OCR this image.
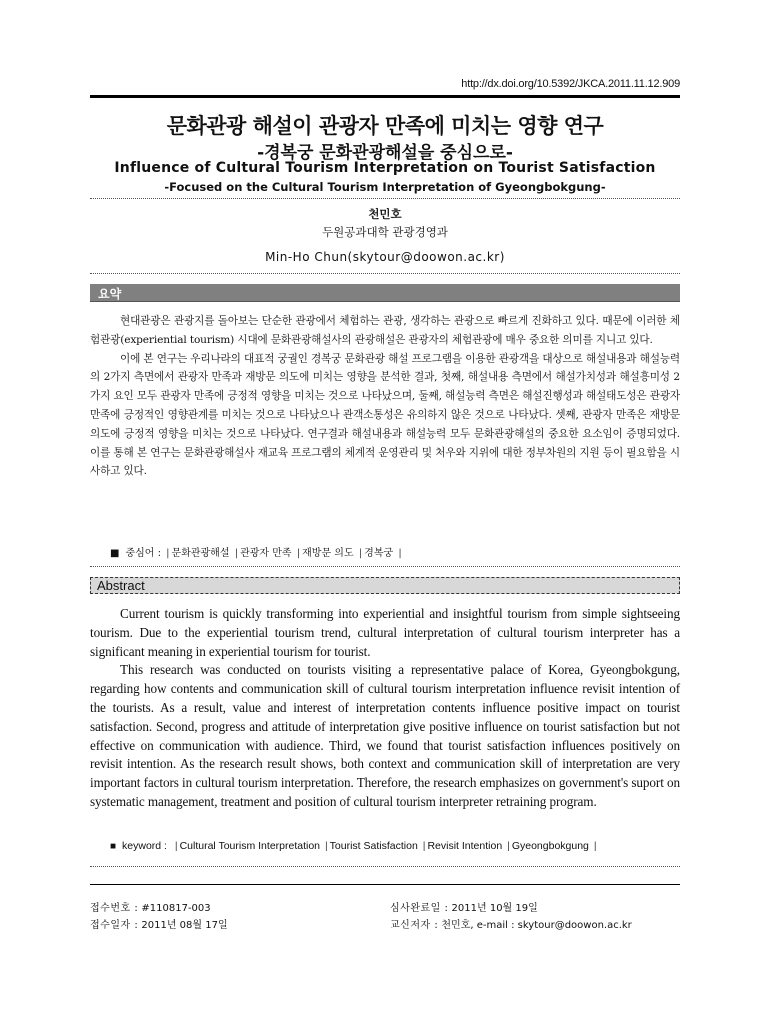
http://dx.doi.org/10.5392/JKCA.2011.11.12.909
문화관광 해설이 관광자 만족에 미치는 영향 연구
-경복궁 문화관광해설을 중심으로-
Influence of Cultural Tourism Interpretation on Tourist Satisfaction
-Focused on the Cultural Tourism Interpretation of Gyeongbokgung-
천민호
두원공과대학 관광경영과
Min-Ho Chun(skytour@doowon.ac.kr)
요약

현대관광은 관광지를 돌아보는 단순한 관광에서 체험하는 관광, 생각하는 관광으로 빠르게 진화하고 있다. 때문에 이러한 체험관광(experiential tourism) 시대에 문화관광해설사의 관광해설은 관광자의 체험관광에 매우 중요한 의미를 지니고 있다.

이에 본 연구는 우리나라의 대표적 궁궐인 경복궁 문화관광 해설 프로그램을 이용한 관광객을 대상으로 해설내용과 해설능력의 2가지 측면에서 관광자 만족과 재방문 의도에 미치는 영향을 분석한 결과, 첫째, 해설내용 측면에서 해설가치성과 해설흥미성 2가지 요인 모두 관광자 만족에 긍정적 영향을 미치는 것으로 나타났으며, 둘째, 해설능력 측면은 해설진행성과 해설태도성은 관광자 만족에 긍정적인 영향관계를 미치는 것으로 나타났으나 관객소통성은 유의하지 않은 것으로 나타났다. 셋째, 관광자 만족은 재방문 의도에 긍정적 영향을 미치는 것으로 나타났다. 연구결과 해설내용과 해설능력 모두 문화관광해설의 중요한 요소임이 증명되었다. 이를 통해 본 연구는 문화관광해설사 재교육 프로그램의 체계적 운영관리 및 처우와 지위에 대한 정부차원의 지원 등이 필요함을 시사하고 있다.

■ 중심어 : | 문화관광해설 | 관광자 만족 | 재방문 의도 | 경복궁 |
Abstract

Current tourism is quickly transforming into experiential and insightful tourism from simple sightseeing tourism. Due to the experiential tourism trend, cultural interpretation of cultural tourism interpreter has a significant meaning in experiential tourism for tourist.

This research was conducted on tourists visiting a representative palace of Korea, Gyeongbokgung, regarding how contents and communication skill of cultural tourism interpretation influence revisit intention of the tourists. As a result, value and interest of interpretation contents influence positive impact on tourist satisfaction. Second, progress and attitude of interpretation give positive influence on tourist satisfaction but not effective on communication with audience. Third, we found that tourist satisfaction influences positively on revisit intention. As the research result shows, both context and communication skill of interpretation are very important factors in cultural tourism interpretation. Therefore, the research emphasizes on government's suport on systematic management, treatment and position of cultural tourism interpreter retraining program.

■ keyword :  | Cultural Tourism Interpretation | Tourist Satisfaction | Revisit Intention | Gyeongbokgung |
접수번호 : #110817-003
접수일자 : 2011년 08월 17일
심사완료일 : 2011년 10월 19일
교신저자 : 천민호, e-mail : skytour@doowon.ac.kr
